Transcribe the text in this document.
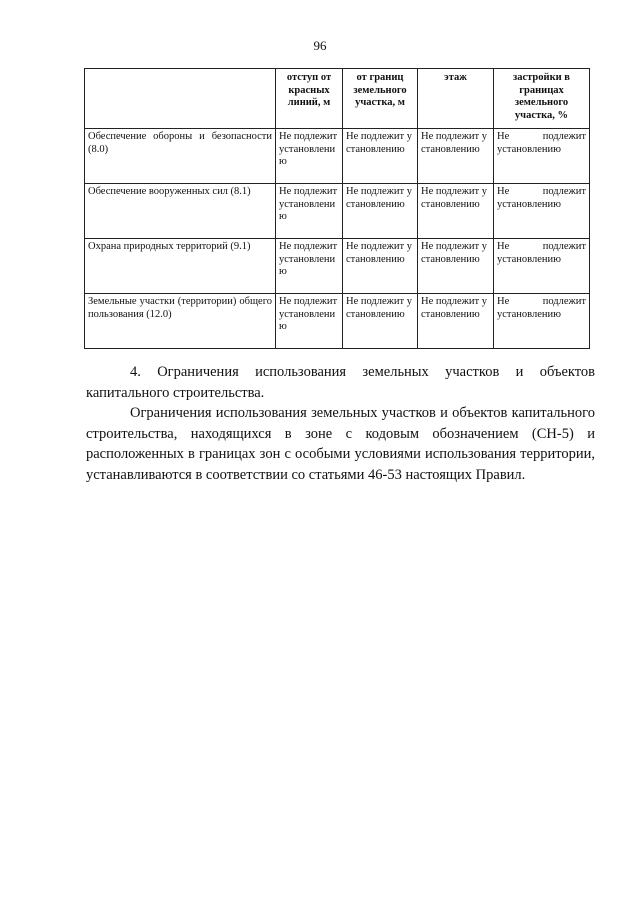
96
	отступ от красных линий, м	от границ земельного участка, м	этаж	застройки в границах земельного участка, %
Обеспечение обороны и безопасности (8.0)	Не подлежит установлению	Не подлежит установлению	Не подлежит установлению	Не подлежит установлению
Обеспечение вооруженных сил (8.1)	Не подлежит установлению	Не подлежит установлению	Не подлежит установлению	Не подлежит установлению
Охрана природных территорий (9.1)	Не подлежит установлению	Не подлежит установлению	Не подлежит установлению	Не подлежит установлению
Земельные участки (территории) общего пользования (12.0)	Не подлежит установлению	Не подлежит установлению	Не подлежит установлению	Не подлежит установлению

4. Ограничения использования земельных участков и объектов капитального строительства.

Ограничения использования земельных участков и объектов капитального строительства, находящихся в зоне с кодовым обозначением (СН-5) и расположенных в границах зон с особыми условиями использования территории, устанавливаются в соответствии со статьями 46-53 настоящих Правил.
